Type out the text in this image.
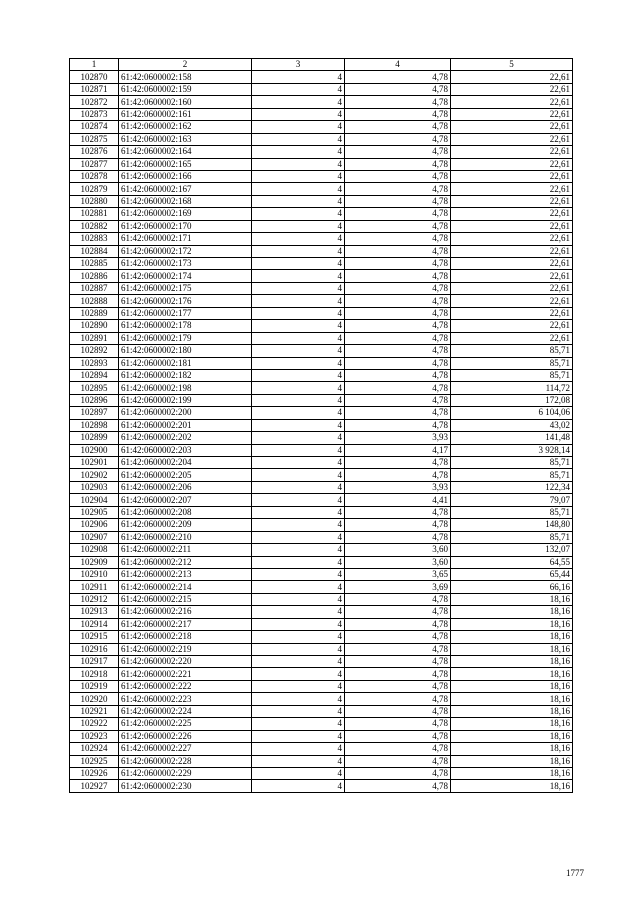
1	2	3	4	5
102870	61:42:0600002:158	4	4,78	22,61
102871	61:42:0600002:159	4	4,78	22,61
102872	61:42:0600002:160	4	4,78	22,61
102873	61:42:0600002:161	4	4,78	22,61
102874	61:42:0600002:162	4	4,78	22,61
102875	61:42:0600002:163	4	4,78	22,61
102876	61:42:0600002:164	4	4,78	22,61
102877	61:42:0600002:165	4	4,78	22,61
102878	61:42:0600002:166	4	4,78	22,61
102879	61:42:0600002:167	4	4,78	22,61
102880	61:42:0600002:168	4	4,78	22,61
102881	61:42:0600002:169	4	4,78	22,61
102882	61:42:0600002:170	4	4,78	22,61
102883	61:42:0600002:171	4	4,78	22,61
102884	61:42:0600002:172	4	4,78	22,61
102885	61:42:0600002:173	4	4,78	22,61
102886	61:42:0600002:174	4	4,78	22,61
102887	61:42:0600002:175	4	4,78	22,61
102888	61:42:0600002:176	4	4,78	22,61
102889	61:42:0600002:177	4	4,78	22,61
102890	61:42:0600002:178	4	4,78	22,61
102891	61:42:0600002:179	4	4,78	22,61
102892	61:42:0600002:180	4	4,78	85,71
102893	61:42:0600002:181	4	4,78	85,71
102894	61:42:0600002:182	4	4,78	85,71
102895	61:42:0600002:198	4	4,78	114,72
102896	61:42:0600002:199	4	4,78	172,08
102897	61:42:0600002:200	4	4,78	6 104,06
102898	61:42:0600002:201	4	4,78	43,02
102899	61:42:0600002:202	4	3,93	141,48
102900	61:42:0600002:203	4	4,17	3 928,14
102901	61:42:0600002:204	4	4,78	85,71
102902	61:42:0600002:205	4	4,78	85,71
102903	61:42:0600002:206	4	3,93	122,34
102904	61:42:0600002:207	4	4,41	79,07
102905	61:42:0600002:208	4	4,78	85,71
102906	61:42:0600002:209	4	4,78	148,80
102907	61:42:0600002:210	4	4,78	85,71
102908	61:42:0600002:211	4	3,60	132,07
102909	61:42:0600002:212	4	3,60	64,55
102910	61:42:0600002:213	4	3,65	65,44
102911	61:42:0600002:214	4	3,69	66,16
102912	61:42:0600002:215	4	4,78	18,16
102913	61:42:0600002:216	4	4,78	18,16
102914	61:42:0600002:217	4	4,78	18,16
102915	61:42:0600002:218	4	4,78	18,16
102916	61:42:0600002:219	4	4,78	18,16
102917	61:42:0600002:220	4	4,78	18,16
102918	61:42:0600002:221	4	4,78	18,16
102919	61:42:0600002:222	4	4,78	18,16
102920	61:42:0600002:223	4	4,78	18,16
102921	61:42:0600002:224	4	4,78	18,16
102922	61:42:0600002:225	4	4,78	18,16
102923	61:42:0600002:226	4	4,78	18,16
102924	61:42:0600002:227	4	4,78	18,16
102925	61:42:0600002:228	4	4,78	18,16
102926	61:42:0600002:229	4	4,78	18,16
102927	61:42:0600002:230	4	4,78	18,16
1777
